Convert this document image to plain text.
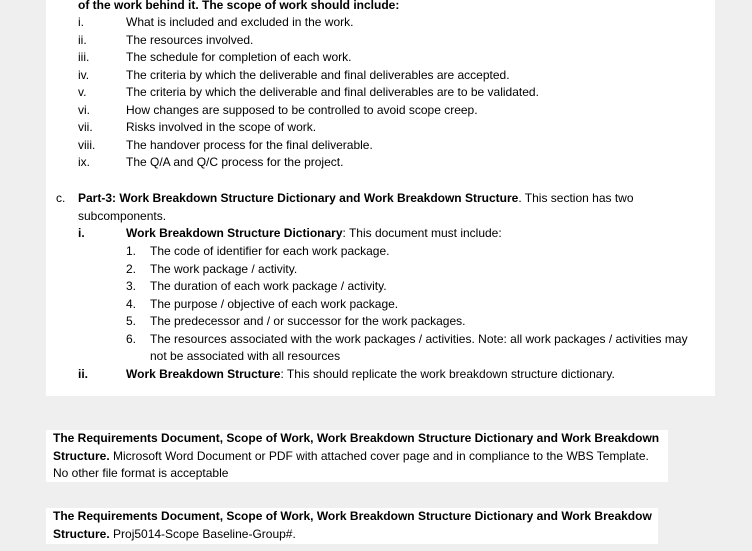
of the work behind it. The scope of work should include:
i.	What is included and excluded in the work.
ii.	The resources involved.
iii.	The schedule for completion of each work.
iv.	The criteria by which the deliverable and final deliverables are accepted.
v.	The criteria by which the deliverable and final deliverables are to be validated.
vi.	How changes are supposed to be controlled to avoid scope creep.
vii.	Risks involved in the scope of work.
viii.	The handover process for the final deliverable.
ix.	The Q/A and Q/C process for the project.
c. Part-3: Work Breakdown Structure Dictionary and Work Breakdown Structure. This section has two
subcomponents.
i.	Work Breakdown Structure Dictionary: This document must include:
1. The code of identifier for each work package.
2. The work package / activity.
3. The duration of each work package / activity.
4. The purpose / objective of each work package.
5. The predecessor and / or successor for the work packages.
6. The resources associated with the work packages / activities. Note: all work packages / activities may
not be associated with all resources
ii.	Work Breakdown Structure: This should replicate the work breakdown structure dictionary.
The Requirements Document, Scope of Work, Work Breakdown Structure Dictionary and Work Breakdown
Structure. Microsoft Word Document or PDF with attached cover page and in compliance to the WBS Template.
No other file format is acceptable
The Requirements Document, Scope of Work, Work Breakdown Structure Dictionary and Work Breakdow
Structure. Proj5014-Scope Baseline-Group#.
